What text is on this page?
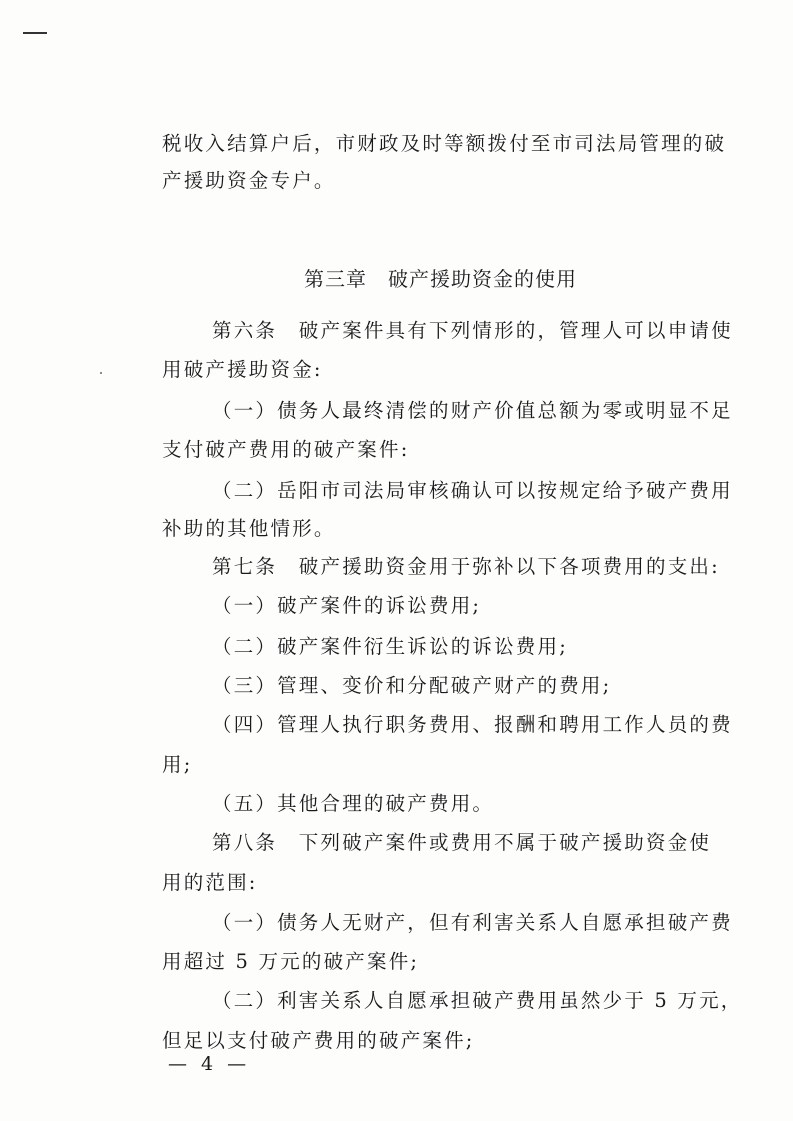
税收入结算户后，市财政及时等额拨付至市司法局管理的破
产援助资金专户。
第三章　破产援助资金的使用
第六条　破产案件具有下列情形的，管理人可以申请使
用破产援助资金:
（一）债务人最终清偿的财产价值总额为零或明显不足
支付破产费用的破产案件:
（二）岳阳市司法局审核确认可以按规定给予破产费用
补助的其他情形。
第七条　破产援助资金用于弥补以下各项费用的支出:
（一）破产案件的诉讼费用;
（二）破产案件衍生诉讼的诉讼费用;
（三）管理、变价和分配破产财产的费用;
（四）管理人执行职务费用、报酬和聘用工作人员的费
用;
（五）其他合理的破产费用。
第八条　下列破产案件或费用不属于破产援助资金使
用的范围:
（一）债务人无财产，但有利害关系人自愿承担破产费
用超过 5 万元的破产案件;
（二）利害关系人自愿承担破产费用虽然少于 5 万元，
但足以支付破产费用的破产案件;
— 4 —
